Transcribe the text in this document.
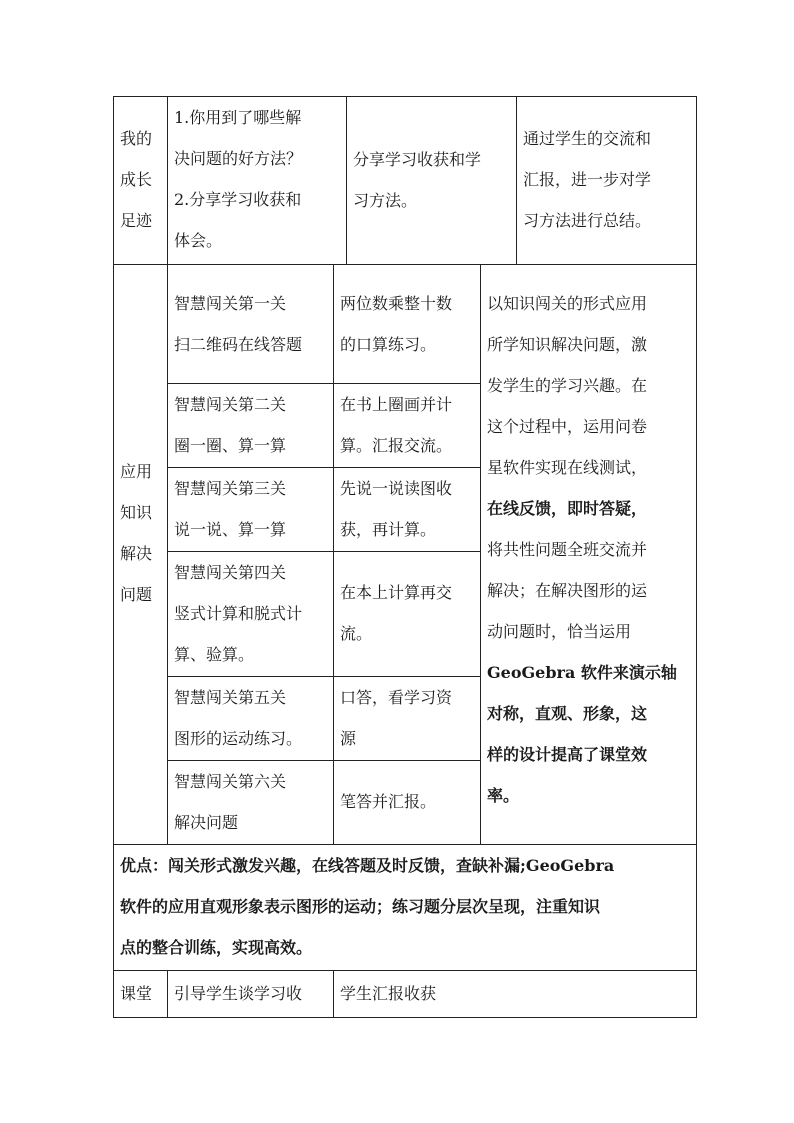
我的
成长
足迹
1.你用到了哪些解
决问题的好方法？
2.分享学习收获和
体会。
分享学习收获和学
习方法。
通过学生的交流和
汇报，进一步对学
习方法进行总结。
应用
知识
解决
问题
智慧闯关第一关
扫二维码在线答题
两位数乘整十数
的口算练习。
智慧闯关第二关
圈一圈、算一算
在书上圈画并计
算。汇报交流。
智慧闯关第三关
说一说、算一算
先说一说读图收
获，再计算。
智慧闯关第四关
竖式计算和脱式计
算、验算。
在本上计算再交
流。
智慧闯关第五关
图形的运动练习。
口答，看学习资
源
智慧闯关第六关
解决问题
笔答并汇报。
以知识闯关的形式应用
所学知识解决问题，激
发学生的学习兴趣。在
这个过程中，运用问卷
星软件实现在线测试，
在线反馈，即时答疑，
将共性问题全班交流并
解决；在解决图形的运
动问题时，恰当运用
GeoGebra 软件来演示轴
对称，直观、形象，这
样的设计提高了课堂效
率。
优点：闯关形式激发兴趣，在线答题及时反馈，查缺补漏;GeoGebra
软件的应用直观形象表示图形的运动；练习题分层次呈现，注重知识
点的整合训练，实现高效。
课堂	引导学生谈学习收	学生汇报收获
